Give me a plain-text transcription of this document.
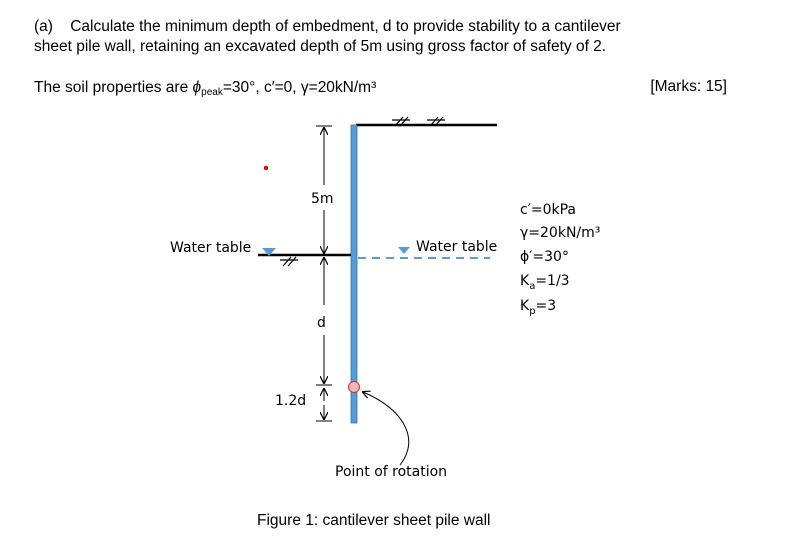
(a) Calculate the minimum depth of embedment, d to provide stability to a cantilever
sheet pile wall, retaining an excavated depth of 5m using gross factor of safety of 2.
The soil properties are $\phi_{peak}=30^\circ$, c′=0, γ=20kN/m³	[Marks: 15]
5m
d
1.2d
Water table	Water table
Point of rotation
c′=0kPa
γ=20kN/m³
ϕ′=30°
$K_a=1/3$
$K_p=3$
Figure 1: cantilever sheet pile wall
